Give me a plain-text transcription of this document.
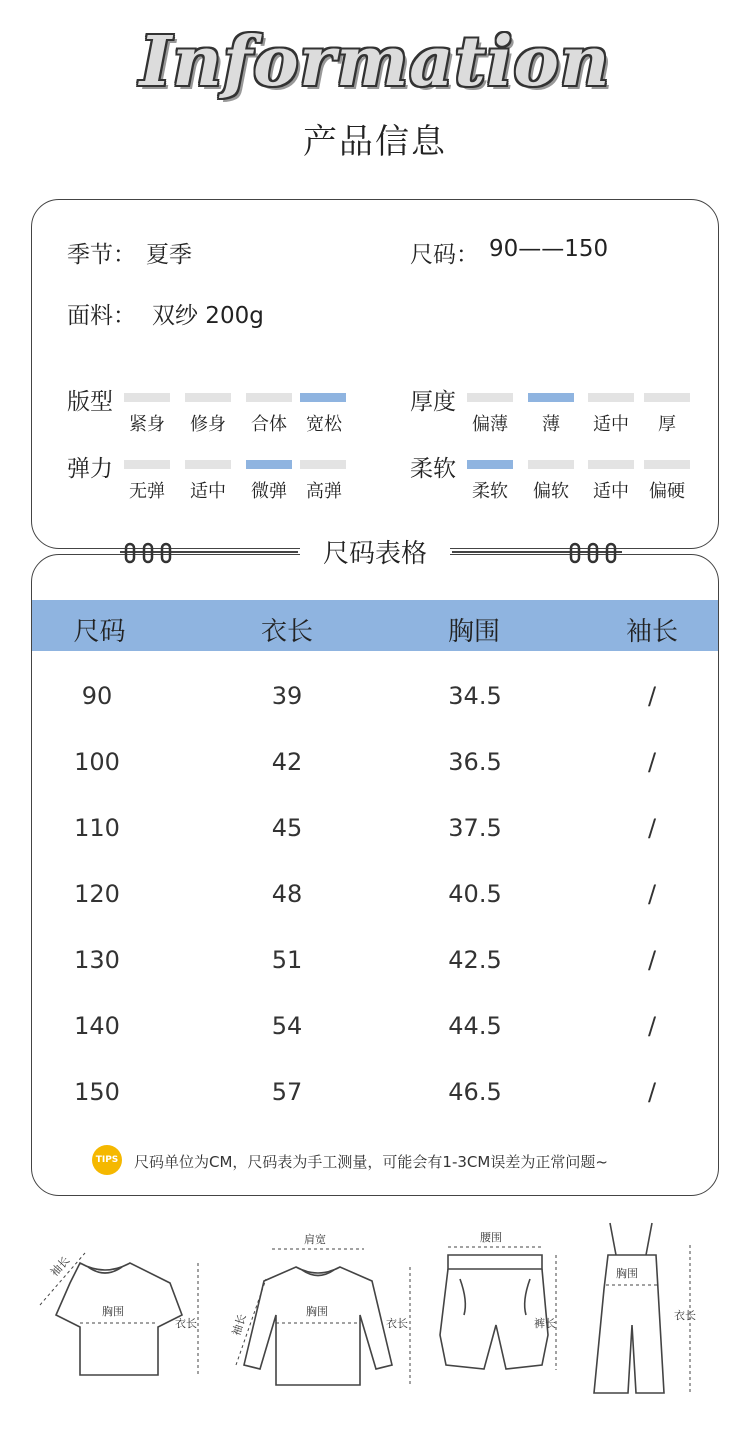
Information
产品信息
季节： 夏季	尺码： 90——150
面料： 双纱 200g
版型
紧身	修身	合体	宽松
厚度
偏薄	薄	适中	厚
弹力
无弹	适中	微弹	高弹
柔软
柔软	偏软	适中	偏硬
尺码	衣长	胸围	袖长
90	39	34.5	/
100	42	36.5	/
110	45	37.5	/
120	48	40.5	/
130	51	42.5	/
140	54	44.5	/
150	57	46.5	/
TIPS 尺码单位为CM，尺码表为手工测量，可能会有1-3CM误差为正常问题~
尺码表格
袖长
胸围
衣长
肩宽
袖长
胸围
衣长
腰围
裤长
胸围
衣长
